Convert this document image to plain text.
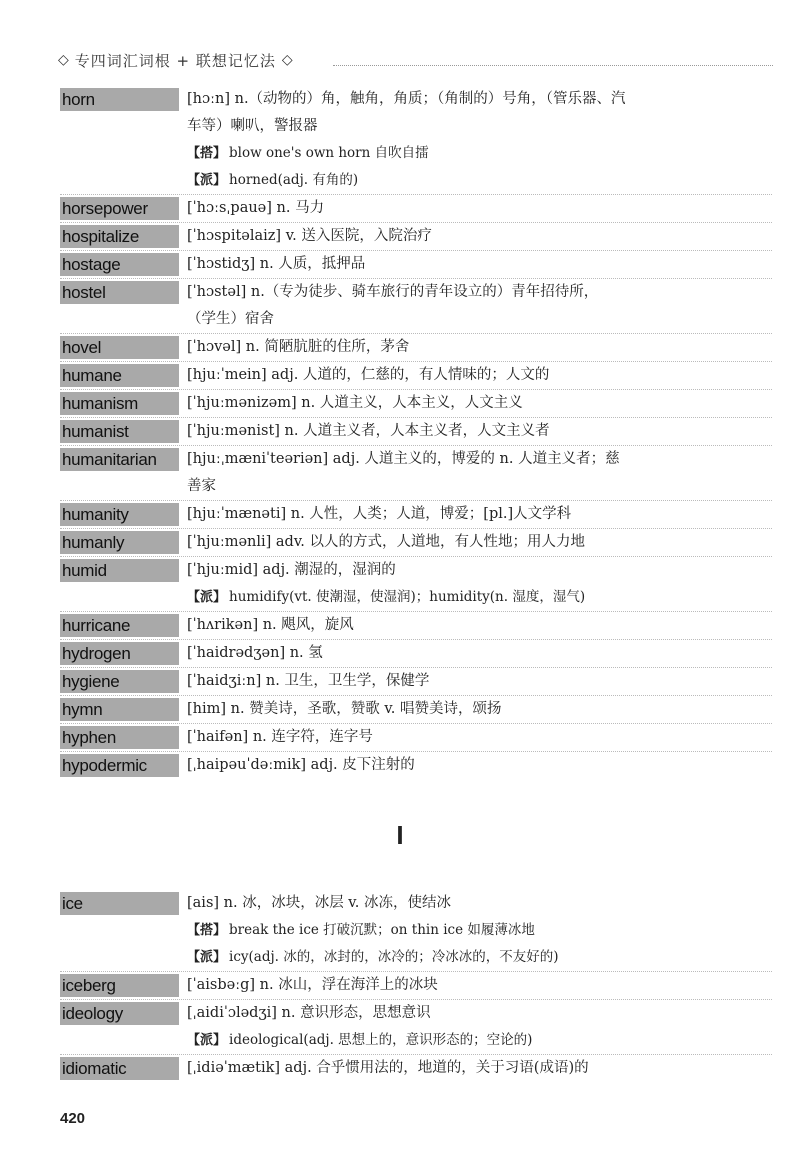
◇ 专四词汇词根 + 联想记忆法 ◇
horn	[hɔːn] n.（动物的）角，触角，角质；（角制的）号角，（管乐器、汽
车等）喇叭，警报器
【搭】 blow one's own horn 自吹自擂
【派】 horned(adj. 有角的)
horsepower	[ˈhɔːsˌpauə] n. 马力
hospitalize	[ˈhɔspitəlaiz] v. 送入医院，入院治疗
hostage	[ˈhɔstidʒ] n. 人质，抵押品
hostel	[ˈhɔstəl] n.（专为徒步、骑车旅行的青年设立的）青年招待所，
（学生）宿舍
hovel	[ˈhɔvəl] n. 简陋肮脏的住所，茅舍
humane	[hjuːˈmein] adj. 人道的，仁慈的，有人情味的；人文的
humanism	[ˈhjuːmənizəm] n. 人道主义，人本主义，人文主义
humanist	[ˈhjuːmənist] n. 人道主义者，人本主义者，人文主义者
humanitarian	[hjuːˌmæniˈteəriən] adj. 人道主义的，博爱的 n. 人道主义者；慈
善家
humanity	[hjuːˈmænəti] n. 人性，人类；人道，博爱；[pl.]人文学科
humanly	[ˈhjuːmənli] adv. 以人的方式，人道地，有人性地；用人力地
humid	[ˈhjuːmid] adj. 潮湿的，湿润的
【派】 humidify(vt. 使潮湿，使湿润)；humidity(n. 湿度，湿气)
hurricane	[ˈhʌrikən] n. 飓风，旋风
hydrogen	[ˈhaidrədʒən] n. 氢
hygiene	[ˈhaidʒiːn] n. 卫生，卫生学，保健学
hymn	[him] n. 赞美诗，圣歌，赞歌 v. 唱赞美诗，颂扬
hyphen	[ˈhaifən] n. 连字符，连字号
hypodermic	[ˌhaipəuˈdəːmik] adj. 皮下注射的
I
ice	[ais] n. 冰，冰块，冰层 v. 冰冻，使结冰
【搭】 break the ice 打破沉默；on thin ice 如履薄冰地
【派】 icy(adj. 冰的，冰封的，冰冷的；冷冰冰的，不友好的)
iceberg	[ˈaisbəːg] n. 冰山，浮在海洋上的冰块
ideology	[ˌaidiˈɔlədʒi] n. 意识形态，思想意识
【派】 ideological(adj. 思想上的，意识形态的；空论的)
idiomatic	[ˌidiəˈmætik] adj. 合乎惯用法的，地道的，关于习语(成语)的
420
